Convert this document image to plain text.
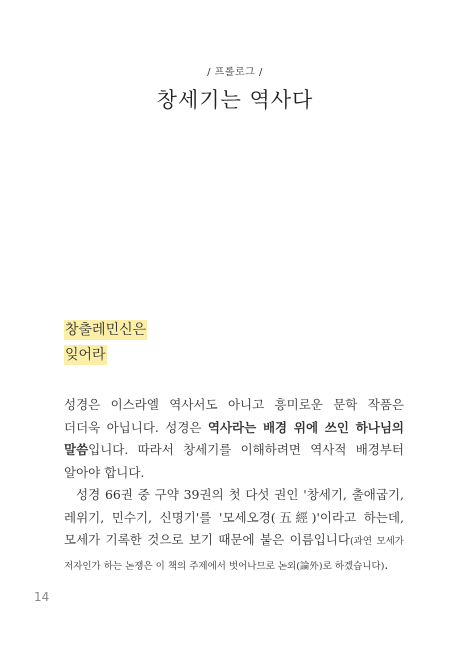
/ 프롤로그 /
창세기는 역사다
창출레민신은
잊어라

성경은 이스라엘 역사서도 아니고 흥미로운 문학 작품은 더더욱 아닙니다. 성경은 역사라는 배경 위에 쓰인 하나님의 말씀입니다. 따라서 창세기를 이해하려면 역사적 배경부터 알아야 합니다.

성경 66권 중 구약 39권의 첫 다섯 권인 '창세기, 출애굽기, 레위기, 민수기, 신명기'를 '모세오경(五經)'이라고 하는데, 모세가 기록한 것으로 보기 때문에 붙은 이름입니다(과연 모세가 저자인가 하는 논쟁은 이 책의 주제에서 벗어나므로 논외(論外)로 하겠습니다).

14
